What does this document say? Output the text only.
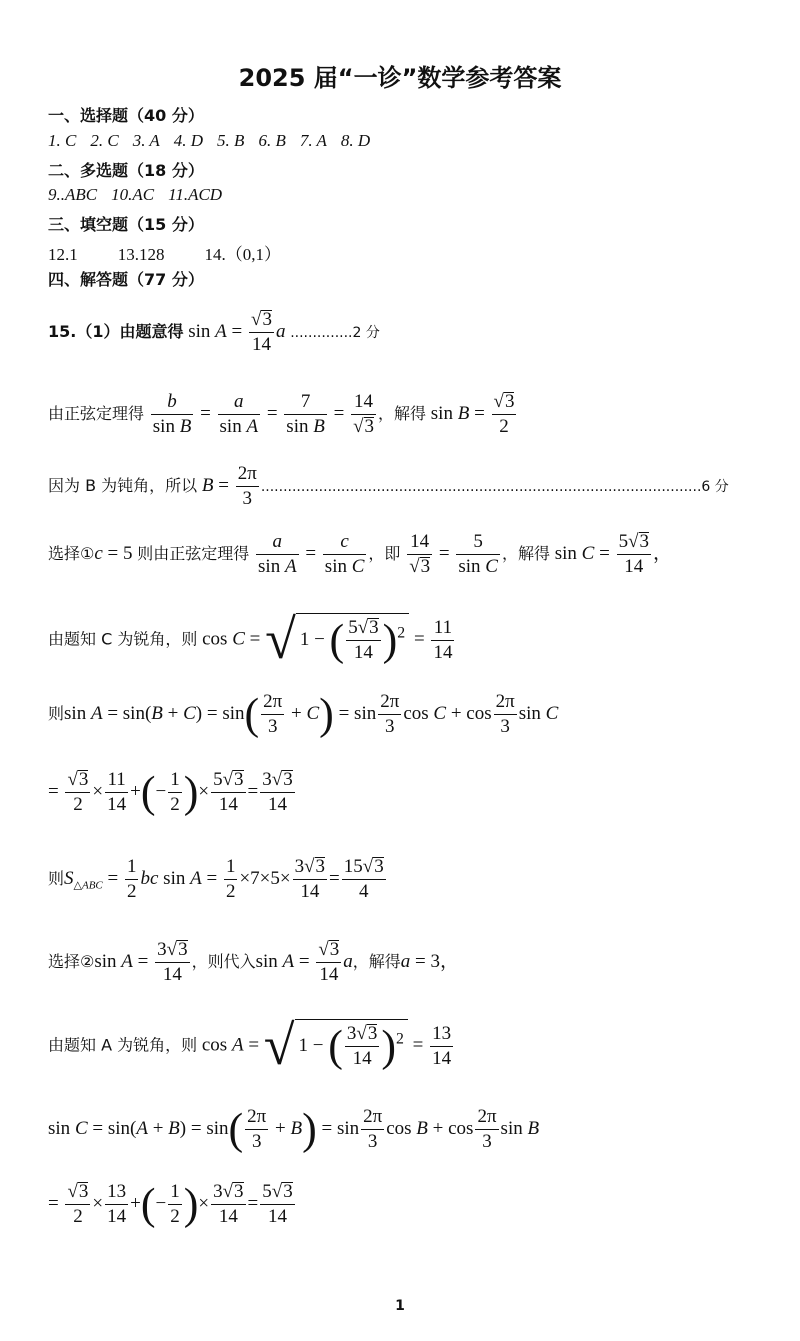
2025 届“一诊”数学参考答案
一、选择题（40 分）
1. C 2. C 3. A 4. D 5. B 6. B 7. A 8. D
二、多选题（18 分）
9..ABC 10.AC 11.ACD
三、填空题（15 分）
12.1 13.128 14.（0,1）
四、解答题（77 分）
15.（1）由题意得 $\sin A = \frac{√3}{14}$ a ..............2 分
由正弦定理得 $\frac{b}{\text{sin B}} = \frac{a}{\text{sin A}} = \frac{7}{\text{sin B}} = \frac{14}{√3}$ ，解得 $\sin B = \frac{√3}{2}$
因为 B 为钝角，所以 $B = \frac{2\pi}{3} ...................................................................................................6$ 分
选择①c = 5 则由正弦定理得 $\frac{a}{\text{sin A}} = \frac{c}{\text{sin C}}$ ，即 $\frac{14}{√3} = \frac{5}{\text{sin C}}$ ，解得 $\sin C = \frac{5√3}{14}$ ，
由题知 C 为锐角，则 cos C = √ 1 − ( $\frac{5√3}{14} )^2 = \frac{11}{14}$
则$\sin A = \sin(B + C) = \sin( \frac{2\pi}{3} + C) = \sin \frac{2\pi}{3}$ $\cos C + \cos \frac{2\pi}{3}$ sin C
= $\frac{√3}{2} \times \frac{11}{14}$ +(− $\frac{1}{2}$ )× $\frac{5√3}{14} = \frac{3√3}{14}$
则$S_{\triangle ABC} = \frac{1}{2}$ bc $\sin A = \frac{1}{2} \times 7\times 5\times \frac{3√3}{14} = \frac{15√3}{4}$
选择②sin $A = \frac{3√3}{14}$ ，则代入$\sin A = \frac{√3}{14}$ a，解得a = 3，
由题知 A 为锐角，则 cos A = √ 1 − ( $\frac{3√3}{14} )^2 = \frac{13}{14}$
$\sin C = \sin(A + B) = \sin( \frac{2\pi}{3} + B) = \sin \frac{2\pi}{3}$ $\cos B + \cos \frac{2\pi}{3}$ sin B
= $\frac{√3}{2} \times \frac{13}{14}$ +(− $\frac{1}{2}$ )× $\frac{3√3}{14} = \frac{5√3}{14}$
1
